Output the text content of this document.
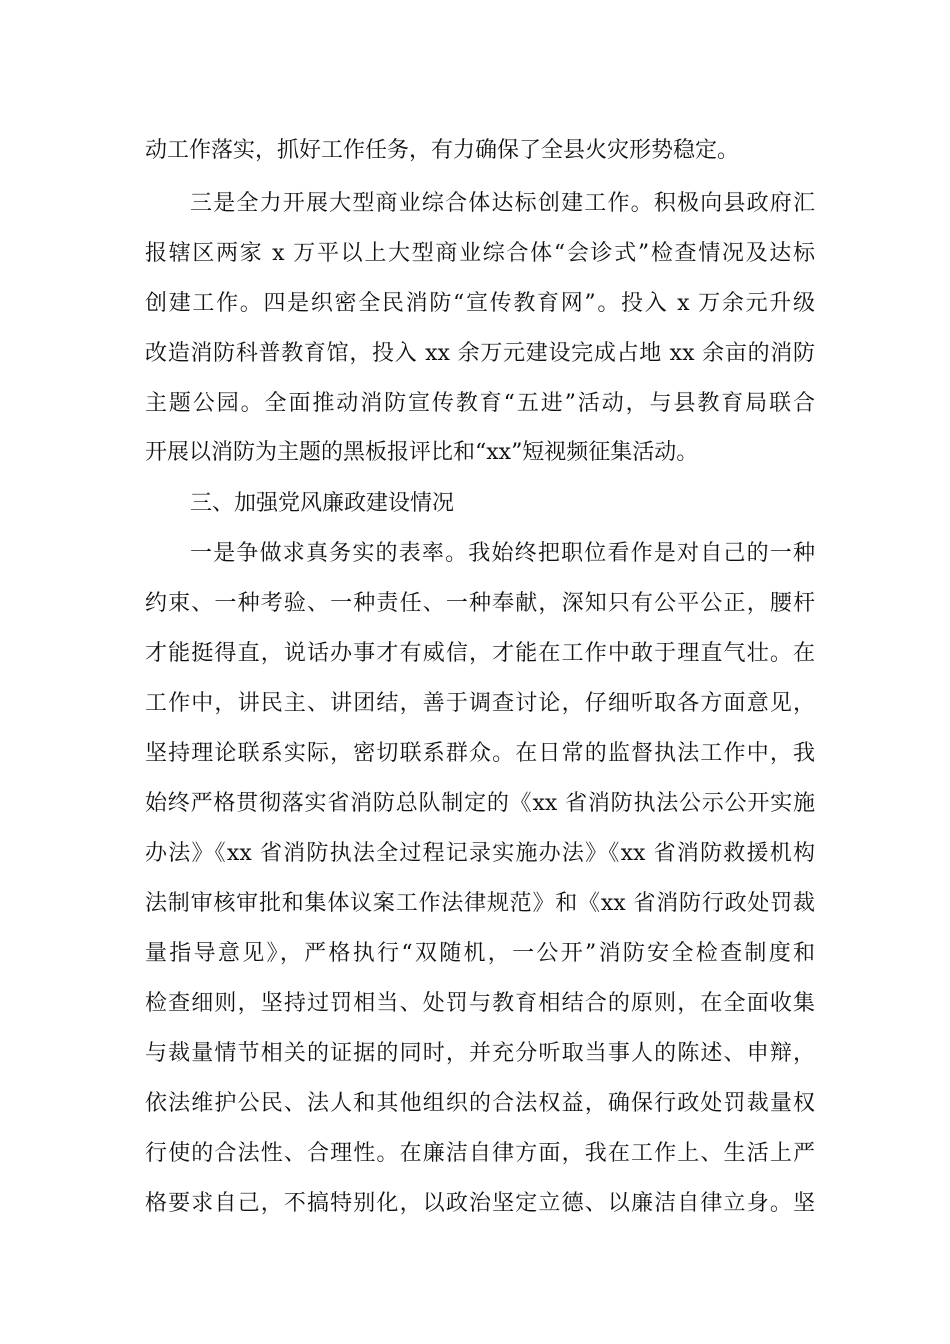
动工作落实，抓好工作任务，有力确保了全县火灾形势稳定。
三是全力开展大型商业综合体达标创建工作。积极向县政府汇
报辖区两家 x 万平以上大型商业综合体“会诊式”检查情况及达标
创建工作。四是织密全民消防“宣传教育网”。投入 x 万余元升级
改造消防科普教育馆，投入 xx 余万元建设完成占地 xx 余亩的消防
主题公园。全面推动消防宣传教育“五进”活动，与县教育局联合
开展以消防为主题的黑板报评比和“xx”短视频征集活动。
三、加强党风廉政建设情况
一是争做求真务实的表率。我始终把职位看作是对自己的一种
约束、一种考验、一种责任、一种奉献，深知只有公平公正，腰杆
才能挺得直，说话办事才有威信，才能在工作中敢于理直气壮。在
工作中，讲民主、讲团结，善于调查讨论，仔细听取各方面意见，
坚持理论联系实际，密切联系群众。在日常的监督执法工作中，我
始终严格贯彻落实省消防总队制定的《xx 省消防执法公示公开实施
办法》《xx 省消防执法全过程记录实施办法》《xx 省消防救援机构
法制审核审批和集体议案工作法律规范》和《xx 省消防行政处罚裁
量指导意见》，严格执行“双随机，一公开”消防安全检查制度和
检查细则，坚持过罚相当、处罚与教育相结合的原则，在全面收集
与裁量情节相关的证据的同时，并充分听取当事人的陈述、申辩，
依法维护公民、法人和其他组织的合法权益，确保行政处罚裁量权
行使的合法性、合理性。在廉洁自律方面，我在工作上、生活上严
格要求自己，不搞特别化，以政治坚定立德、以廉洁自律立身。坚
